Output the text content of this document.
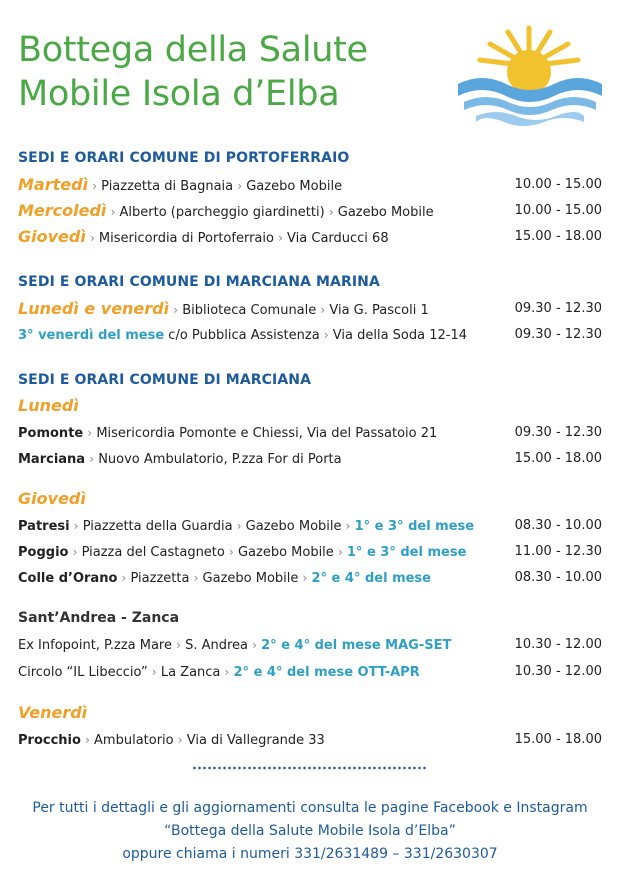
Bottega della Salute
Mobile Isola d’Elba
SEDI E ORARI COMUNE DI PORTOFERRAIO
Martedì › Piazzetta di Bagnaia › Gazebo Mobile	10.00 - 15.00
Mercoledì › Alberto (parcheggio giardinetti) › Gazebo Mobile	10.00 - 15.00
Giovedì › Misericordia di Portoferraio › Via Carducci 68	15.00 - 18.00
SEDI E ORARI COMUNE DI MARCIANA MARINA
Lunedì e venerdì › Biblioteca Comunale › Via G. Pascoli 1	09.30 - 12.30
3° venerdì del mese c/o Pubblica Assistenza › Via della Soda 12-14	09.30 - 12.30
SEDI E ORARI COMUNE DI MARCIANA
Lunedì
Pomonte › Misericordia Pomonte e Chiessi, Via del Passatoio 21	09.30 - 12.30
Marciana › Nuovo Ambulatorio, P.zza For di Porta	15.00 - 18.00
Giovedì
Patresi › Piazzetta della Guardia › Gazebo Mobile › 1° e 3° del mese	08.30 - 10.00
Poggio › Piazza del Castagneto › Gazebo Mobile › 1° e 3° del mese	11.00 - 12.30
Colle d’Orano › Piazzetta › Gazebo Mobile › 2° e 4° del mese	08.30 - 10.00
Sant’Andrea - Zanca
Ex Infopoint, P.zza Mare › S. Andrea › 2° e 4° del mese MAG-SET	10.30 - 12.00
Circolo “IL Libeccio” › La Zanca › 2° e 4° del mese OTT-APR	10.30 - 12.00
Venerdì
Procchio › Ambulatorio › Via di Vallegrande 33	15.00 - 18.00
Per tutti i dettagli e gli aggiornamenti consulta le pagine Facebook e Instagram
“Bottega della Salute Mobile Isola d’Elba”
oppure chiama i numeri 331/2631489 – 331/2630307
